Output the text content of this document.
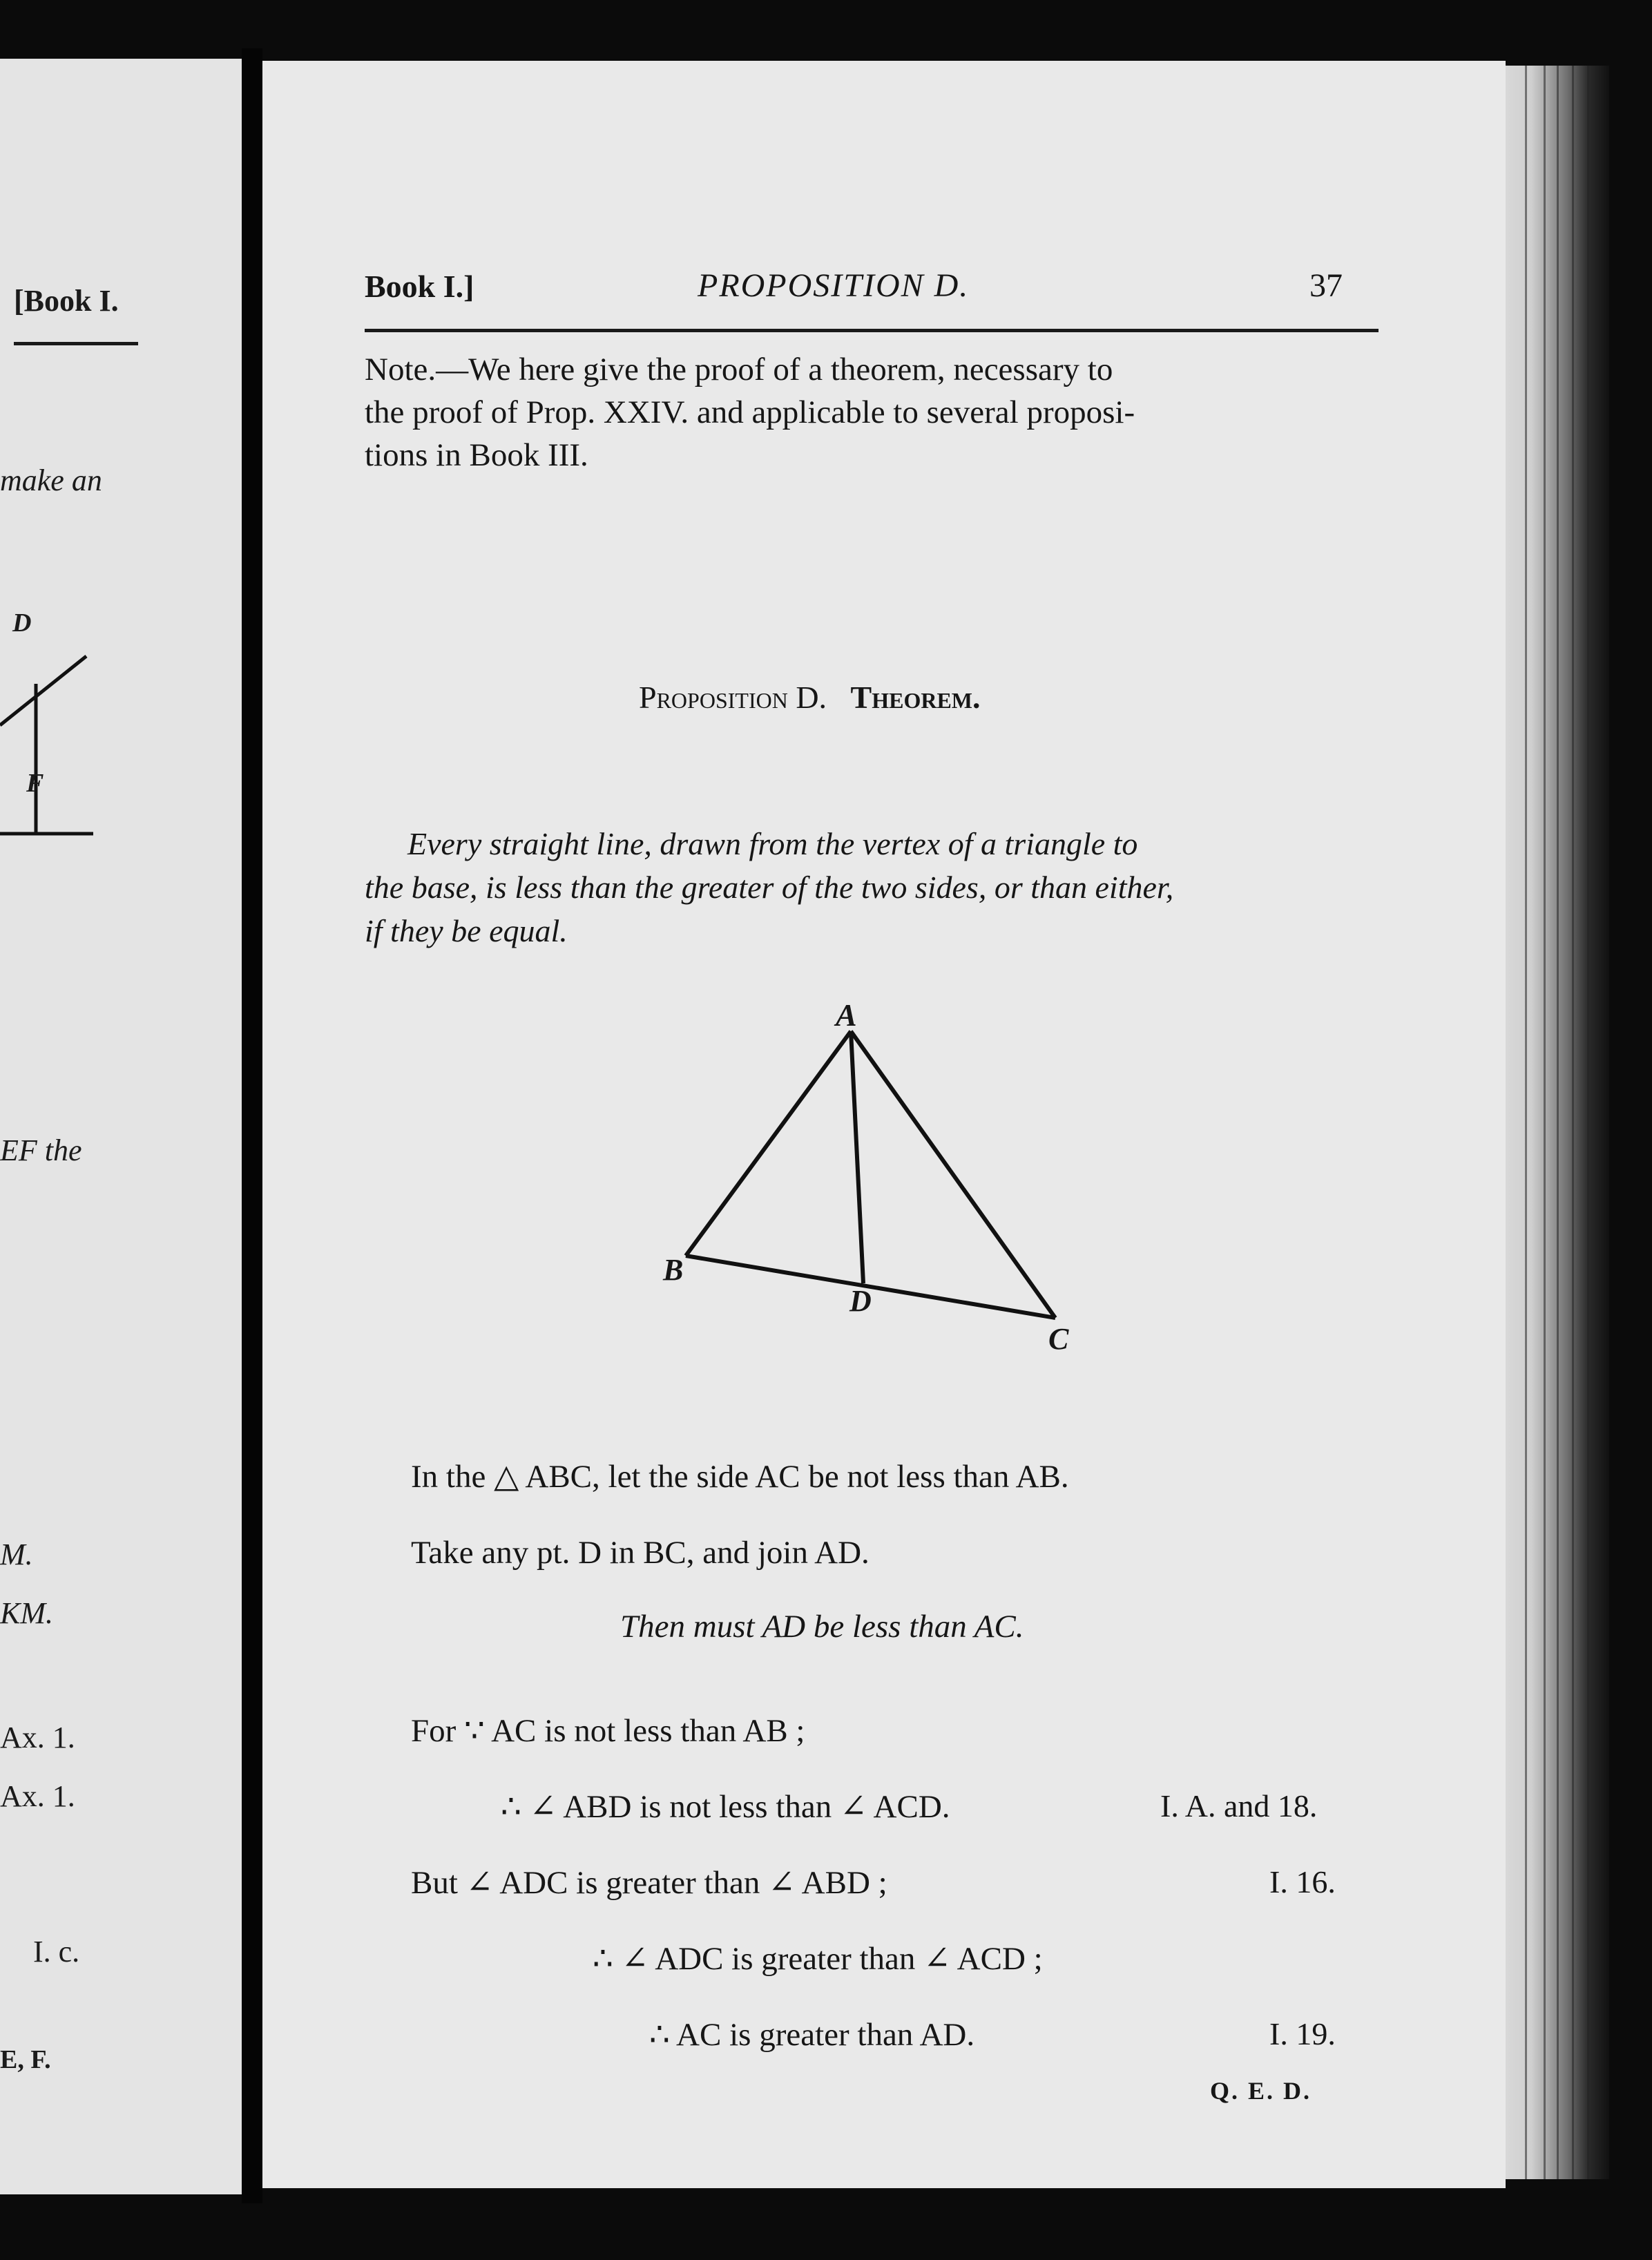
[Book I.
make an
D
F
EF the
M.
KM.
Ax. 1.
Ax. 1.
I. c.
E, F.
Book I.]	PROPOSITION D.	37
Note.—We here give the proof of a theorem, necessary to
the proof of Prop. XXIV. and applicable to several proposi-
tions in Book III.
Proposition D. Theorem.
Every straight line, drawn from the vertex of a triangle to
the base, is less than the greater of the two sides, or than either,
if they be equal.
A
B
D
C
In the △ ABC, let the side AC be not less than AB.
Take any pt. D in BC, and join AD.
Then must AD be less than AC.
For ∵ AC is not less than AB ;
∴ ∠ ABD is not less than ∠ ACD.	I. A. and 18.
But ∠ ADC is greater than ∠ ABD ;	I. 16.
∴ ∠ ADC is greater than ∠ ACD ;
∴ AC is greater than AD.	I. 19.
Q. E. D.
